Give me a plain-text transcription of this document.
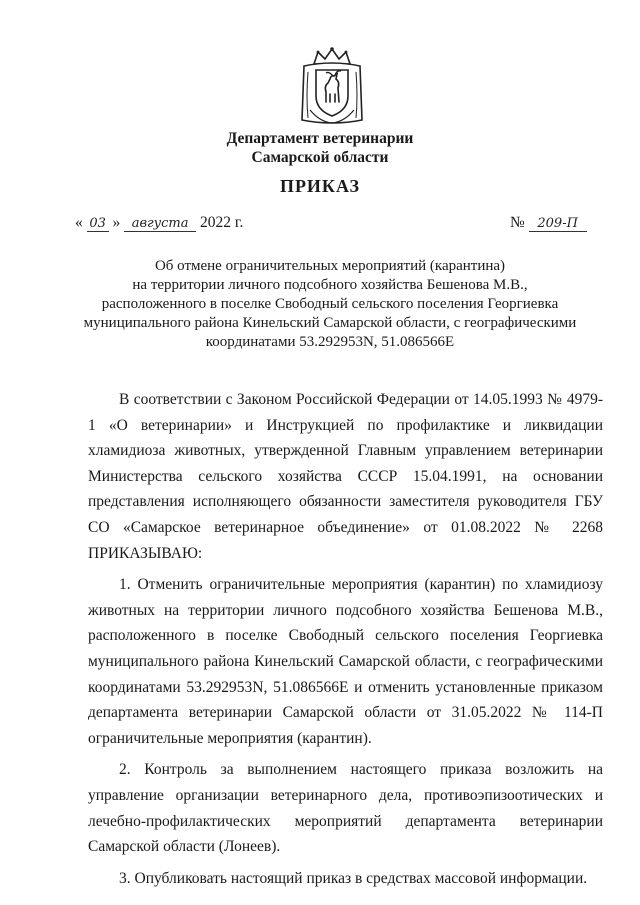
Департамент ветеринарии
Самарской области
ПРИКАЗ
« 03 » августа 2022 г.	№ 209-П
Об отмене ограничительных мероприятий (карантина)
на территории личного подсобного хозяйства Бешенова М.В.,
расположенного в поселке Свободный сельского поселения Георгиевка
муниципального района Кинельский Самарской области, с географическими
координатами 53.292953N, 51.086566E

В соответствии с Законом Российской Федерации от 14.05.1993 № 4979-1 «О ветеринарии» и Инструкцией по профилактике и ликвидации хламидиоза животных, утвержденной Главным управлением ветеринарии Министерства сельского хозяйства СССР 15.04.1991, на основании представления исполняющего обязанности заместителя руководителя ГБУ СО «Самарское ветеринарное объединение» от 01.08.2022 № 2268 ПРИКАЗЫВАЮ:

1. Отменить ограничительные мероприятия (карантин) по хламидиозу животных на территории личного подсобного хозяйства Бешенова М.В., расположенного в поселке Свободный сельского поселения Георгиевка муниципального района Кинельский Самарской области, с географическими координатами 53.292953N, 51.086566E и отменить установленные приказом департамента ветеринарии Самарской области от 31.05.2022 № 114-П ограничительные мероприятия (карантин).

2. Контроль за выполнением настоящего приказа возложить на управление организации ветеринарного дела, противоэпизоотических и лечебно-профилактических мероприятий департамента ветеринарии Самарской области (Лонеев).

3. Опубликовать настоящий приказ в средствах массовой информации.
